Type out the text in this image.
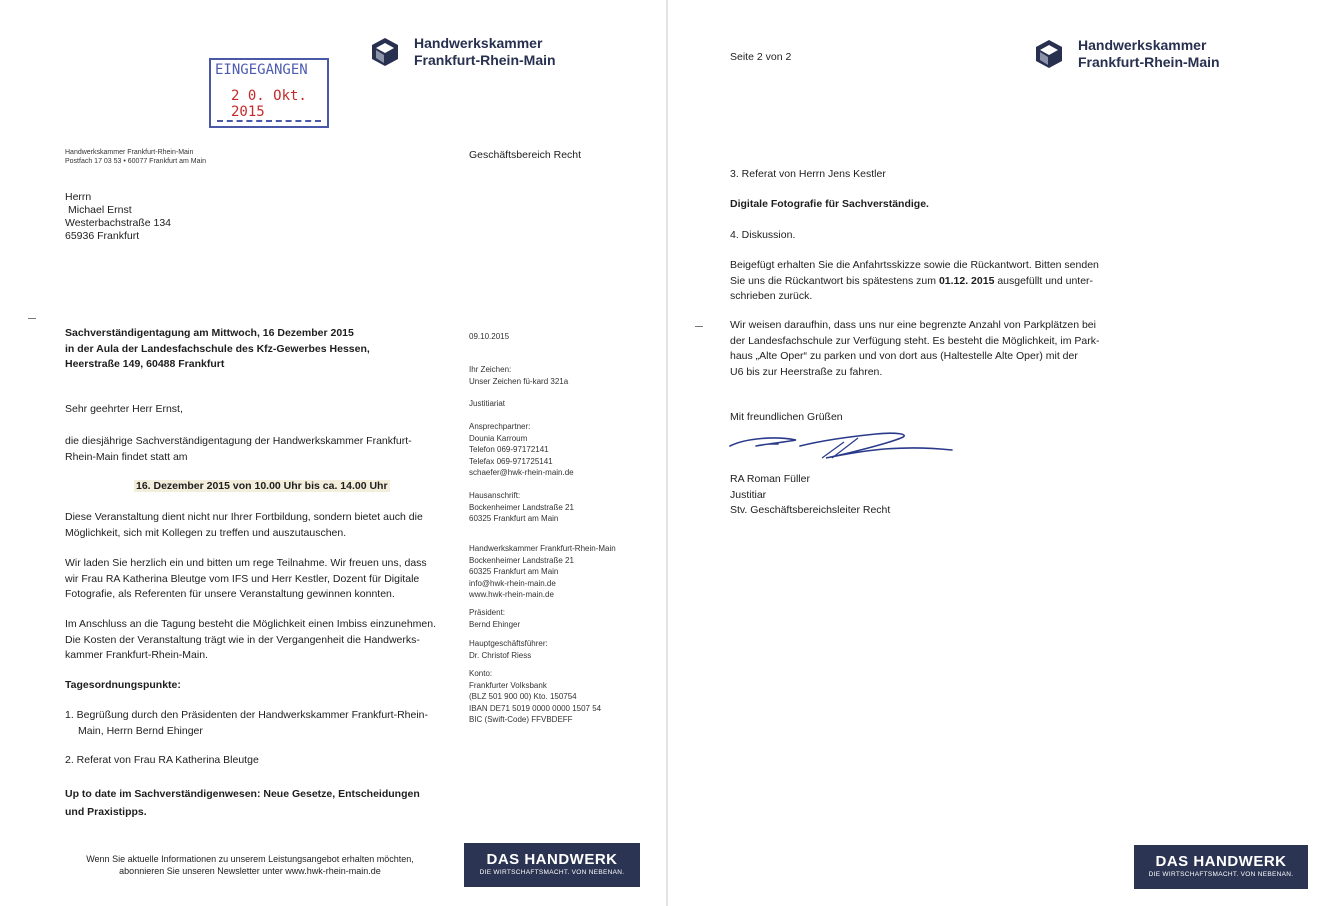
Handwerkskammer
Frankfurt-Rhein-Main
EINGEGANGEN
2 0. Okt. 2015
Handwerkskammer Frankfurt-Rhein-Main
Postfach 17 03 53 • 60077 Frankfurt am Main
Geschäftsbereich Recht
Herrn
Michael Ernst
Westerbachstraße 134
65936 Frankfurt
Sachverständigentagung am Mittwoch, 16 Dezember 2015
in der Aula der Landesfachschule des Kfz-Gewerbes Hessen,
Heerstraße 149, 60488 Frankfurt
Sehr geehrter Herr Ernst,
die diesjährige Sachverständigentagung der Handwerkskammer Frankfurt-
Rhein-Main findet statt am
16. Dezember 2015 von 10.00 Uhr bis ca. 14.00 Uhr
Diese Veranstaltung dient nicht nur Ihrer Fortbildung, sondern bietet auch die
Möglichkeit, sich mit Kollegen zu treffen und auszutauschen.
Wir laden Sie herzlich ein und bitten um rege Teilnahme. Wir freuen uns, dass
wir Frau RA Katherina Bleutge vom IFS und Herr Kestler, Dozent für Digitale
Fotografie, als Referenten für unsere Veranstaltung gewinnen konnten.
Im Anschluss an die Tagung besteht die Möglichkeit einen Imbiss einzunehmen.
Die Kosten der Veranstaltung trägt wie in der Vergangenheit die Handwerks-
kammer Frankfurt-Rhein-Main.
Tagesordnungspunkte:
1. Begrüßung durch den Präsidenten der Handwerkskammer Frankfurt-Rhein-
Main, Herrn Bernd Ehinger
2. Referat von Frau RA Katherina Bleutge
Up to date im Sachverständigenwesen: Neue Gesetze, Entscheidungen
und Praxistipps.
09.10.2015
Ihr Zeichen:
Unser Zeichen fü-kard 321a
Justitiariat
Ansprechpartner:
Dounia Karroum
Telefon 069-97172141
Telefax 069-971725141
schaefer@hwk-rhein-main.de
Hausanschrift:
Bockenheimer Landstraße 21
60325 Frankfurt am Main
Handwerkskammer Frankfurt-Rhein-Main
Bockenheimer Landstraße 21
60325 Frankfurt am Main
info@hwk-rhein-main.de
www.hwk-rhein-main.de
Präsident:
Bernd Ehinger
Hauptgeschäftsführer:
Dr. Christof Riess
Konto:
Frankfurter Volksbank
(BLZ 501 900 00) Kto. 150754
IBAN DE71 5019 0000 0000 1507 54
BIC (Swift-Code) FFVBDEFF
Wenn Sie aktuelle Informationen zu unserem Leistungsangebot erhalten möchten,
abonnieren Sie unseren Newsletter unter www.hwk-rhein-main.de
DAS HANDWERK
DIE WIRTSCHAFTSMACHT. VON NEBENAN.
Seite 2 von 2
Handwerkskammer
Frankfurt-Rhein-Main
3. Referat von Herrn Jens Kestler
Digitale Fotografie für Sachverständige.
4. Diskussion.
Beigefügt erhalten Sie die Anfahrtsskizze sowie die Rückantwort. Bitten senden
Sie uns die Rückantwort bis spätestens zum 01.12. 2015 ausgefüllt und unter-
schrieben zurück.
Wir weisen daraufhin, dass uns nur eine begrenzte Anzahl von Parkplätzen bei
der Landesfachschule zur Verfügung steht. Es besteht die Möglichkeit, im Park-
haus „Alte Oper“ zu parken und von dort aus (Haltestelle Alte Oper) mit der
U6 bis zur Heerstraße zu fahren.
Mit freundlichen Grüßen
RA Roman Füller
Justitiar
Stv. Geschäftsbereichsleiter Recht
DAS HANDWERK
DIE WIRTSCHAFTSMACHT. VON NEBENAN.
